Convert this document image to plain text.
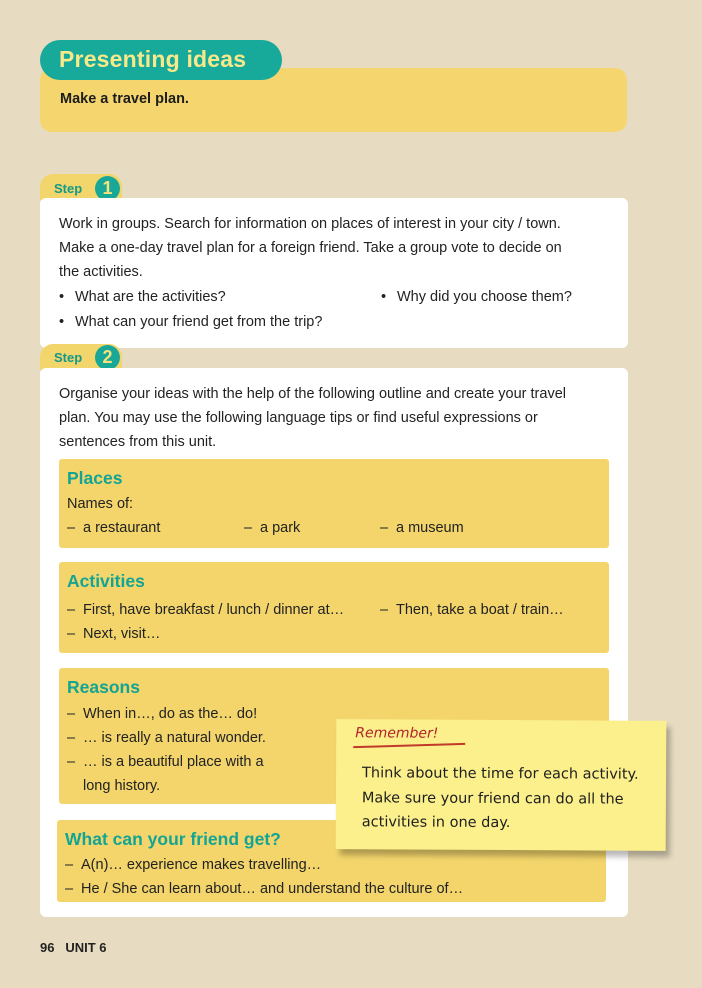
Presenting ideas
Make a travel plan.
Step	1
Work in groups. Search for information on places of interest in your city / town.
Make a one-day travel plan for a foreign friend. Take a group vote to decide on
the activities.
• What are the activities?	• Why did you choose them?
• What can your friend get from the trip?
Step	2
Organise your ideas with the help of the following outline and create your travel
plan. You may use the following language tips or find useful expressions or
sentences from this unit.
Places
Names of:
– a restaurant	– a park	– a museum
Activities
– First, have breakfast / lunch / dinner at…	– Then, take a boat / train…
– Next, visit…
Reasons
– When in…, do as the… do!
– … is really a natural wonder.
– … is a beautiful place with a
long history.
What can your friend get?
– A(n)… experience makes travelling…
– He / She can learn about… and understand the culture of…
Remember!
Think about the time for each activity.
Make sure your friend can do all the
activities in one day.
96 UNIT 6
